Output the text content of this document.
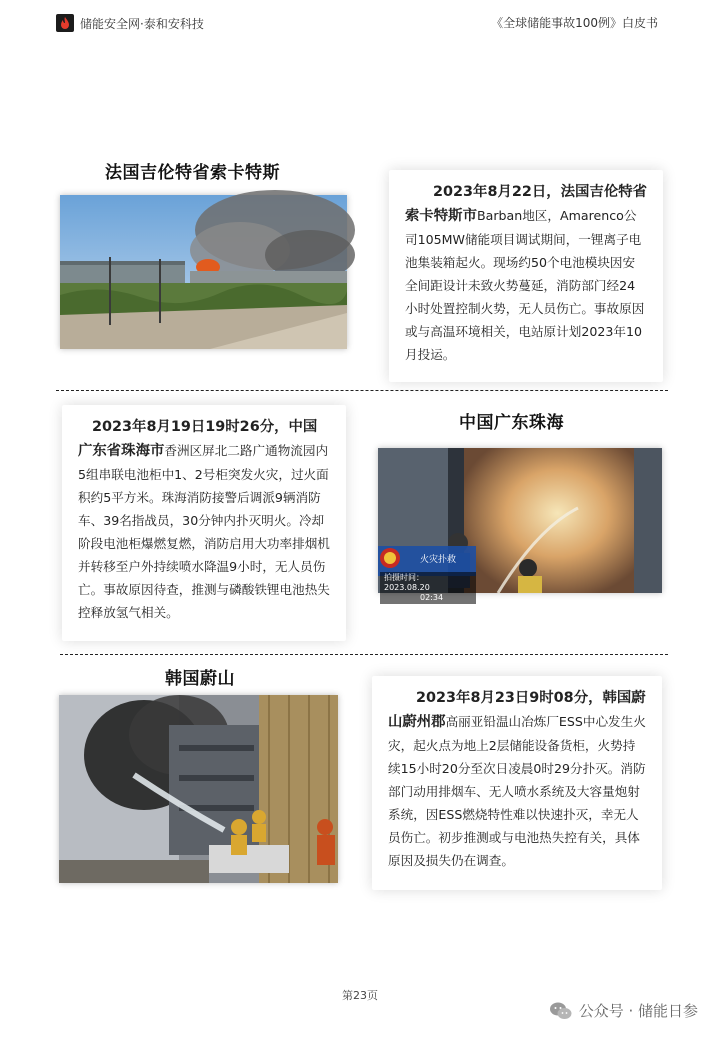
储能安全网·泰和安科技	《全球储能事故100例》白皮书
法国吉伦特省索卡特斯
2023年8月22日，法国吉伦特省
索卡特斯市Barban地区，Amarenco公司105MW储能项目调试期间，一锂离子电池集装箱起火。现场约50个电池模块因安全间距设计未致火势蔓延，消防部门经24小时处置控制火势，无人员伤亡。事故原因或与高温环境相关，电站原计划2023年10月投运。
2023年8月19日19时26分，中国
广东省珠海市香洲区屏北二路广通物流园内5组串联电池柜中1、2号柜突发火灾，过火面积约5平方米。珠海消防接警后调派9辆消防车、39名指战员，30分钟内扑灭明火。冷却阶段电池柜爆燃复燃，消防启用大功率排烟机并转移至户外持续喷水降温9小时，无人员伤亡。事故原因待查，推测与磷酸铁锂电池热失控释放氢气相关。
中国广东珠海
火灾扑救
拍摄时间： 2023.08.20
02:34
韩国蔚山
2023年8月23日9时08分，韩国蔚
山蔚州郡高丽亚铅温山冶炼厂ESS中心发生火灾，起火点为地上2层储能设备货柜，火势持续15小时20分至次日凌晨0时29分扑灭。消防部门动用排烟车、无人喷水系统及大容量炮射系统，因ESS燃烧特性难以快速扑灭，幸无人员伤亡。初步推测或与电池热失控有关，具体原因及损失仍在调查。
第23页
公众号 · 储能日参
